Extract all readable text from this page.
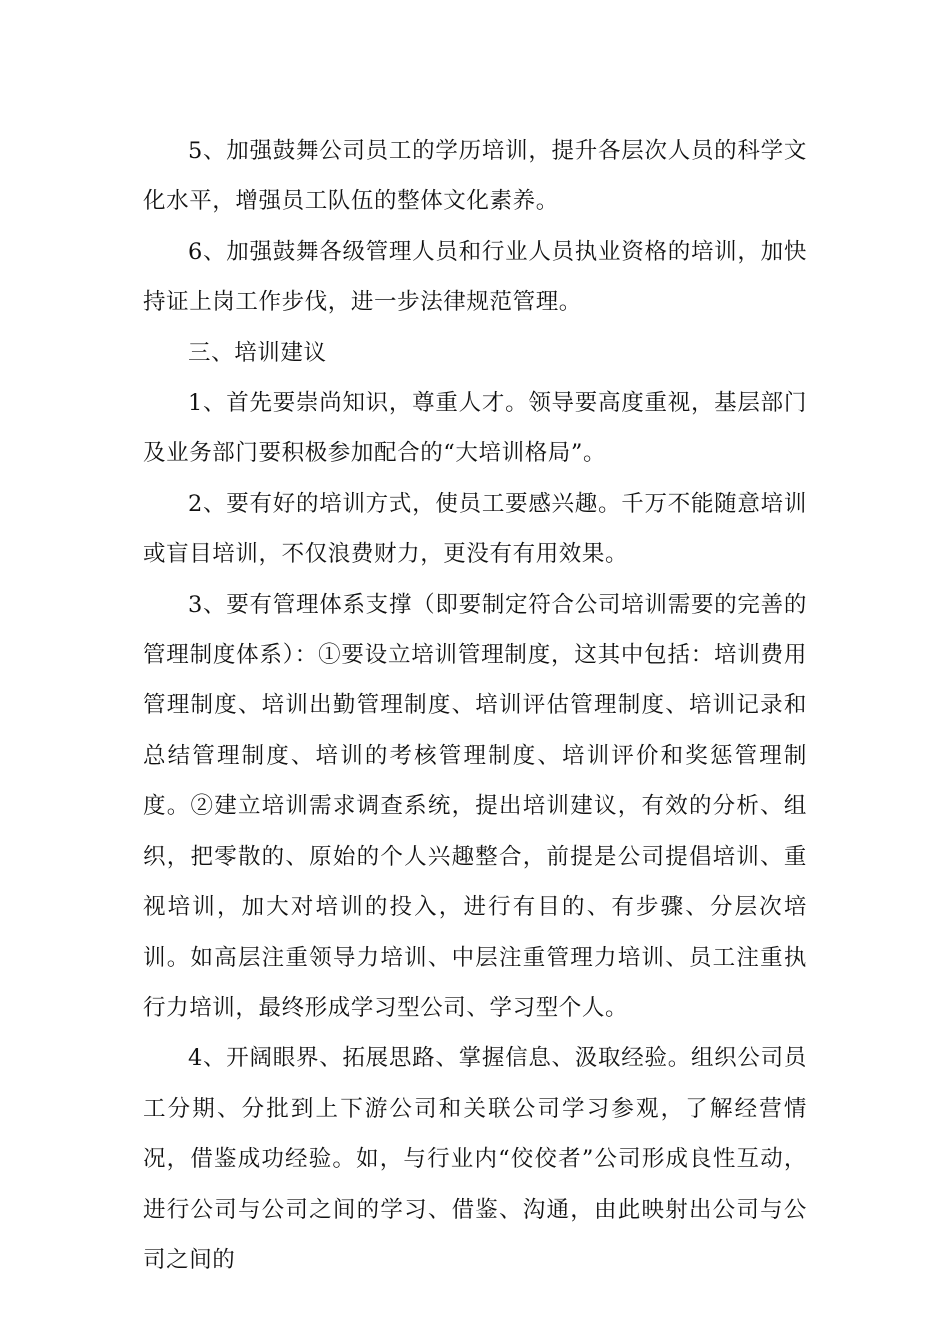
5、加强鼓舞公司员工的学历培训，提升各层次人员的科学文化水平，增强员工队伍的整体文化素养。

6、加强鼓舞各级管理人员和行业人员执业资格的培训，加快持证上岗工作步伐，进一步法律规范管理。

三、培训建议

1、首先要崇尚知识，尊重人才。领导要高度重视，基层部门及业务部门要积极参加配合的“大培训格局”。

2、要有好的培训方式，使员工要感兴趣。千万不能随意培训或盲目培训，不仅浪费财力，更没有有用效果。

3、要有管理体系支撑（即要制定符合公司培训需要的完善的管理制度体系）：①要设立培训管理制度，这其中包括：培训费用管理制度、培训出勤管理制度、培训评估管理制度、培训记录和总结管理制度、培训的考核管理制度、培训评价和奖惩管理制度。②建立培训需求调查系统，提出培训建议，有效的分析、组织，把零散的、原始的个人兴趣整合，前提是公司提倡培训、重视培训，加大对培训的投入，进行有目的、有步骤、分层次培训。如高层注重领导力培训、中层注重管理力培训、员工注重执行力培训，最终形成学习型公司、学习型个人。

4、开阔眼界、拓展思路、掌握信息、汲取经验。组织公司员工分期、分批到上下游公司和关联公司学习参观，了解经营情况，借鉴成功经验。如，与行业内“佼佼者”公司形成良性互动，进行公司与公司之间的学习、借鉴、沟通，由此映射出公司与公司之间的
